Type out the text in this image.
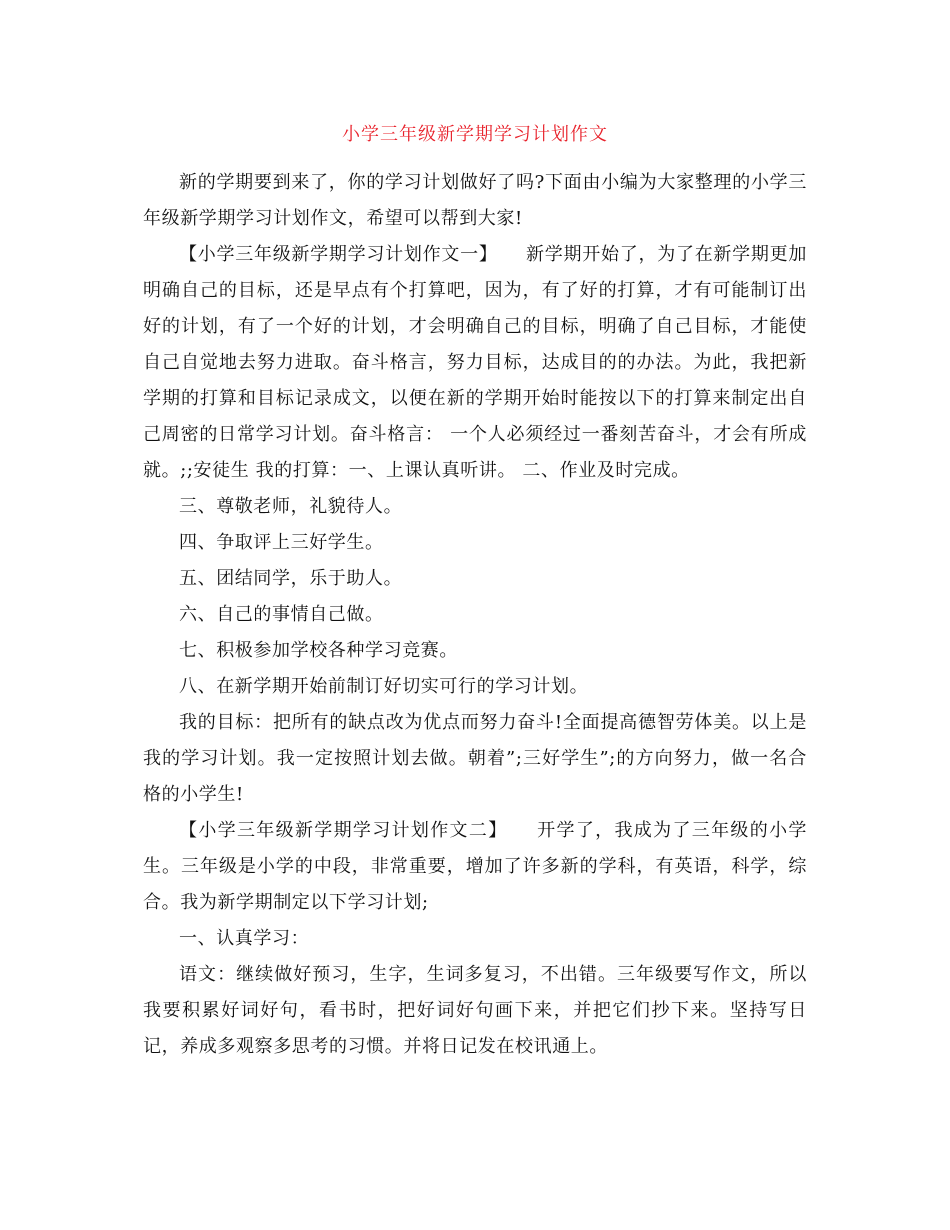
小学三年级新学期学习计划作文

新的学期要到来了，你的学习计划做好了吗?下面由小编为大家整理的小学三年级新学期学习计划作文，希望可以帮到大家!

【小学三年级新学期学习计划作文一】　　新学期开始了，为了在新学期更加明确自己的目标，还是早点有个打算吧，因为，有了好的打算，才有可能制订出好的计划，有了一个好的计划，才会明确自己的目标，明确了自己目标，才能使自己自觉地去努力进取。奋斗格言，努力目标，达成目的的办法。为此，我把新学期的打算和目标记录成文，以便在新的学期开始时能按以下的打算来制定出自己周密的日常学习计划。奋斗格言： 一个人必须经过一番刻苦奋斗，才会有所成就。;;安徒生 我的打算：一、上课认真听讲。 二、作业及时完成。

三、尊敬老师，礼貌待人。

四、争取评上三好学生。

五、团结同学，乐于助人。

六、自己的事情自己做。

七、积极参加学校各种学习竞赛。

八、在新学期开始前制订好切实可行的学习计划。

我的目标：把所有的缺点改为优点而努力奋斗!全面提高德智劳体美。以上是我的学习计划。我一定按照计划去做。朝着”;三好学生”;的方向努力，做一名合格的小学生!

【小学三年级新学期学习计划作文二】　　开学了，我成为了三年级的小学生。三年级是小学的中段，非常重要，增加了许多新的学科，有英语，科学，综合。我为新学期制定以下学习计划;

一、认真学习：

语文：继续做好预习，生字，生词多复习，不出错。三年级要写作文，所以我要积累好词好句，看书时，把好词好句画下来，并把它们抄下来。坚持写日记，养成多观察多思考的习惯。并将日记发在校讯通上。
